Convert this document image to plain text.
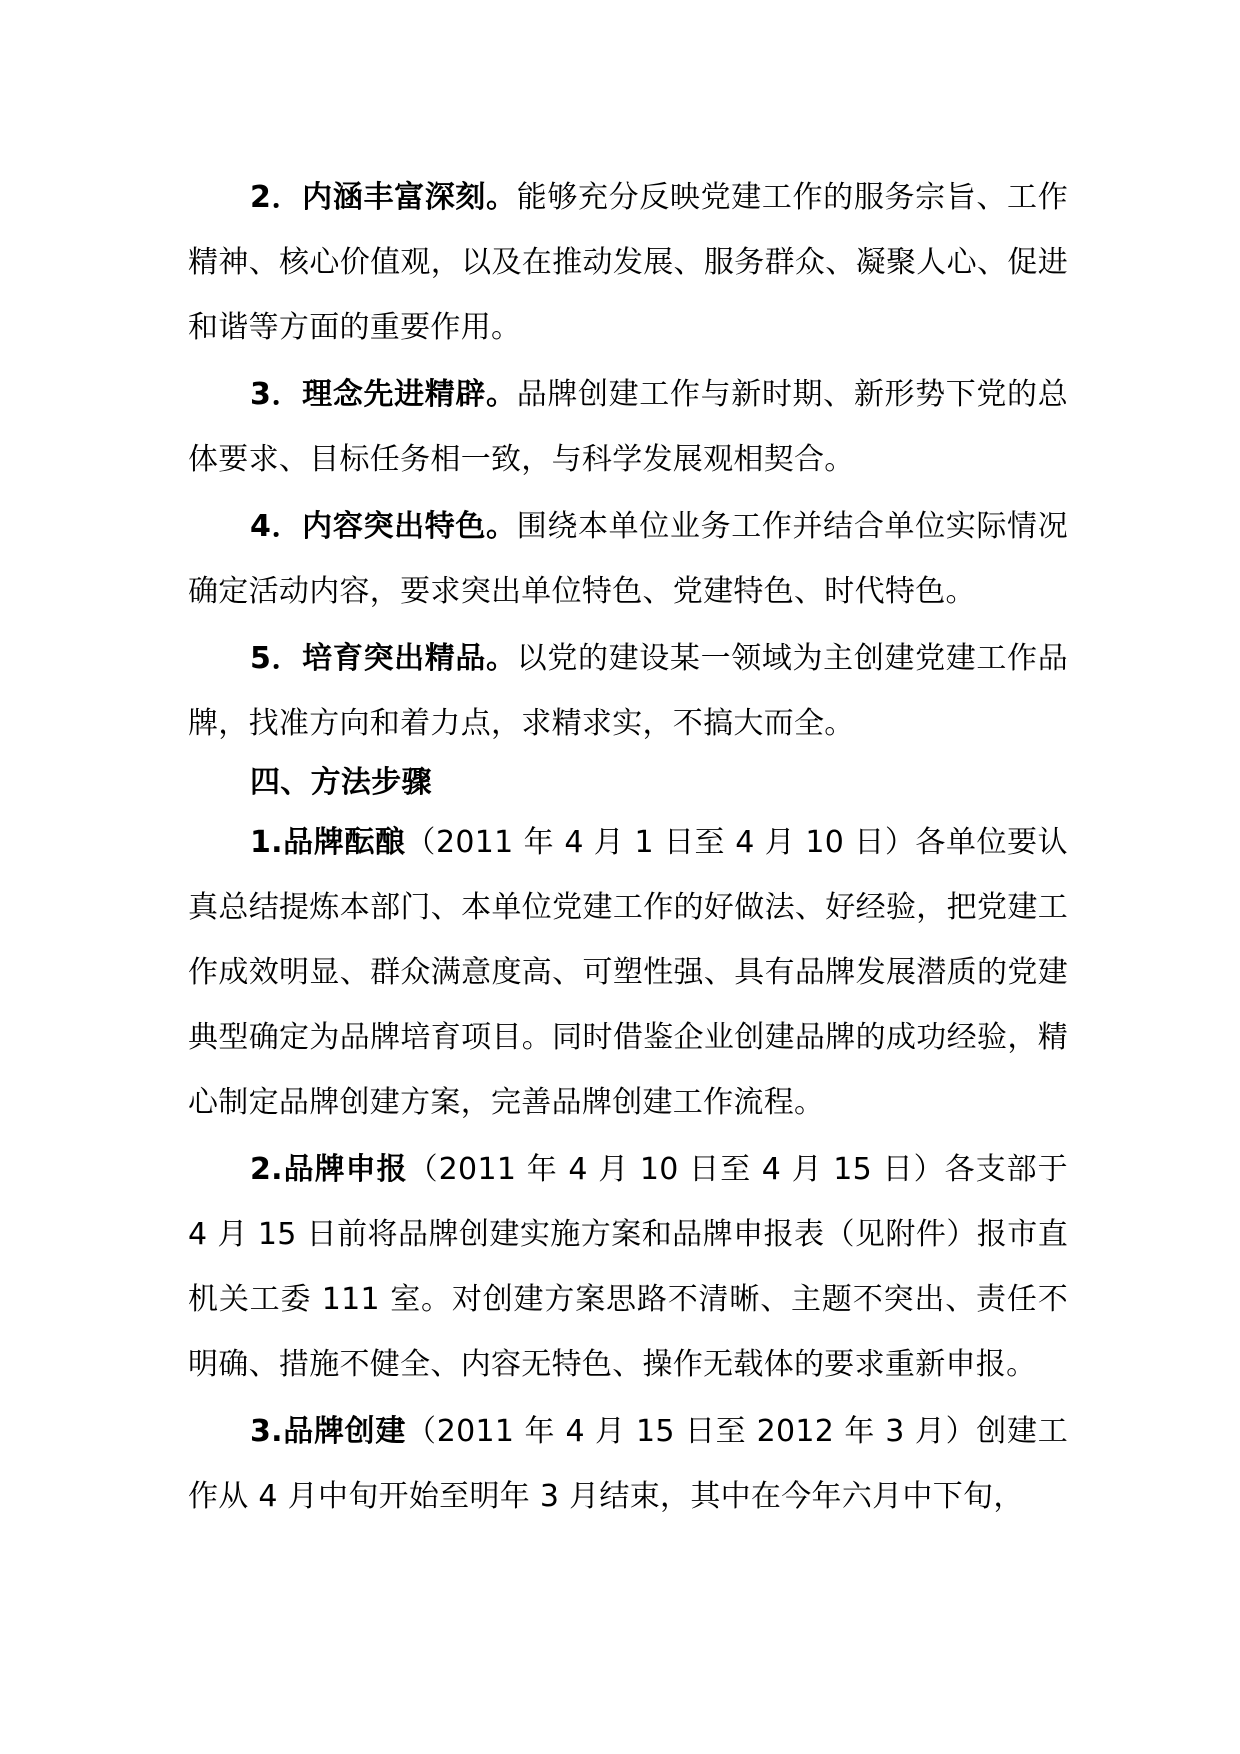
2．内涵丰富深刻。能够充分反映党建工作的服务宗旨、工作精神、核心价值观，以及在推动发展、服务群众、凝聚人心、促进和谐等方面的重要作用。

3．理念先进精辟。品牌创建工作与新时期、新形势下党的总体要求、目标任务相一致，与科学发展观相契合。

4．内容突出特色。围绕本单位业务工作并结合单位实际情况确定活动内容，要求突出单位特色、党建特色、时代特色。

5．培育突出精品。以党的建设某一领域为主创建党建工作品牌，找准方向和着力点，求精求实，不搞大而全。

四、方法步骤

1.品牌酝酿（2011 年 4 月 1 日至 4 月 10 日）各单位要认真总结提炼本部门、本单位党建工作的好做法、好经验，把党建工作成效明显、群众满意度高、可塑性强、具有品牌发展潜质的党建典型确定为品牌培育项目。同时借鉴企业创建品牌的成功经验，精心制定品牌创建方案，完善品牌创建工作流程。

2.品牌申报（2011 年 4 月 10 日至 4 月 15 日）各支部于 4 月 15 日前将品牌创建实施方案和品牌申报表（见附件）报市直机关工委 111 室。对创建方案思路不清晰、主题不突出、责任不明确、措施不健全、内容无特色、操作无载体的要求重新申报。

3.品牌创建（2011 年 4 月 15 日至 2012 年 3 月）创建工作从 4 月中旬开始至明年 3 月结束，其中在今年六月中下旬，
